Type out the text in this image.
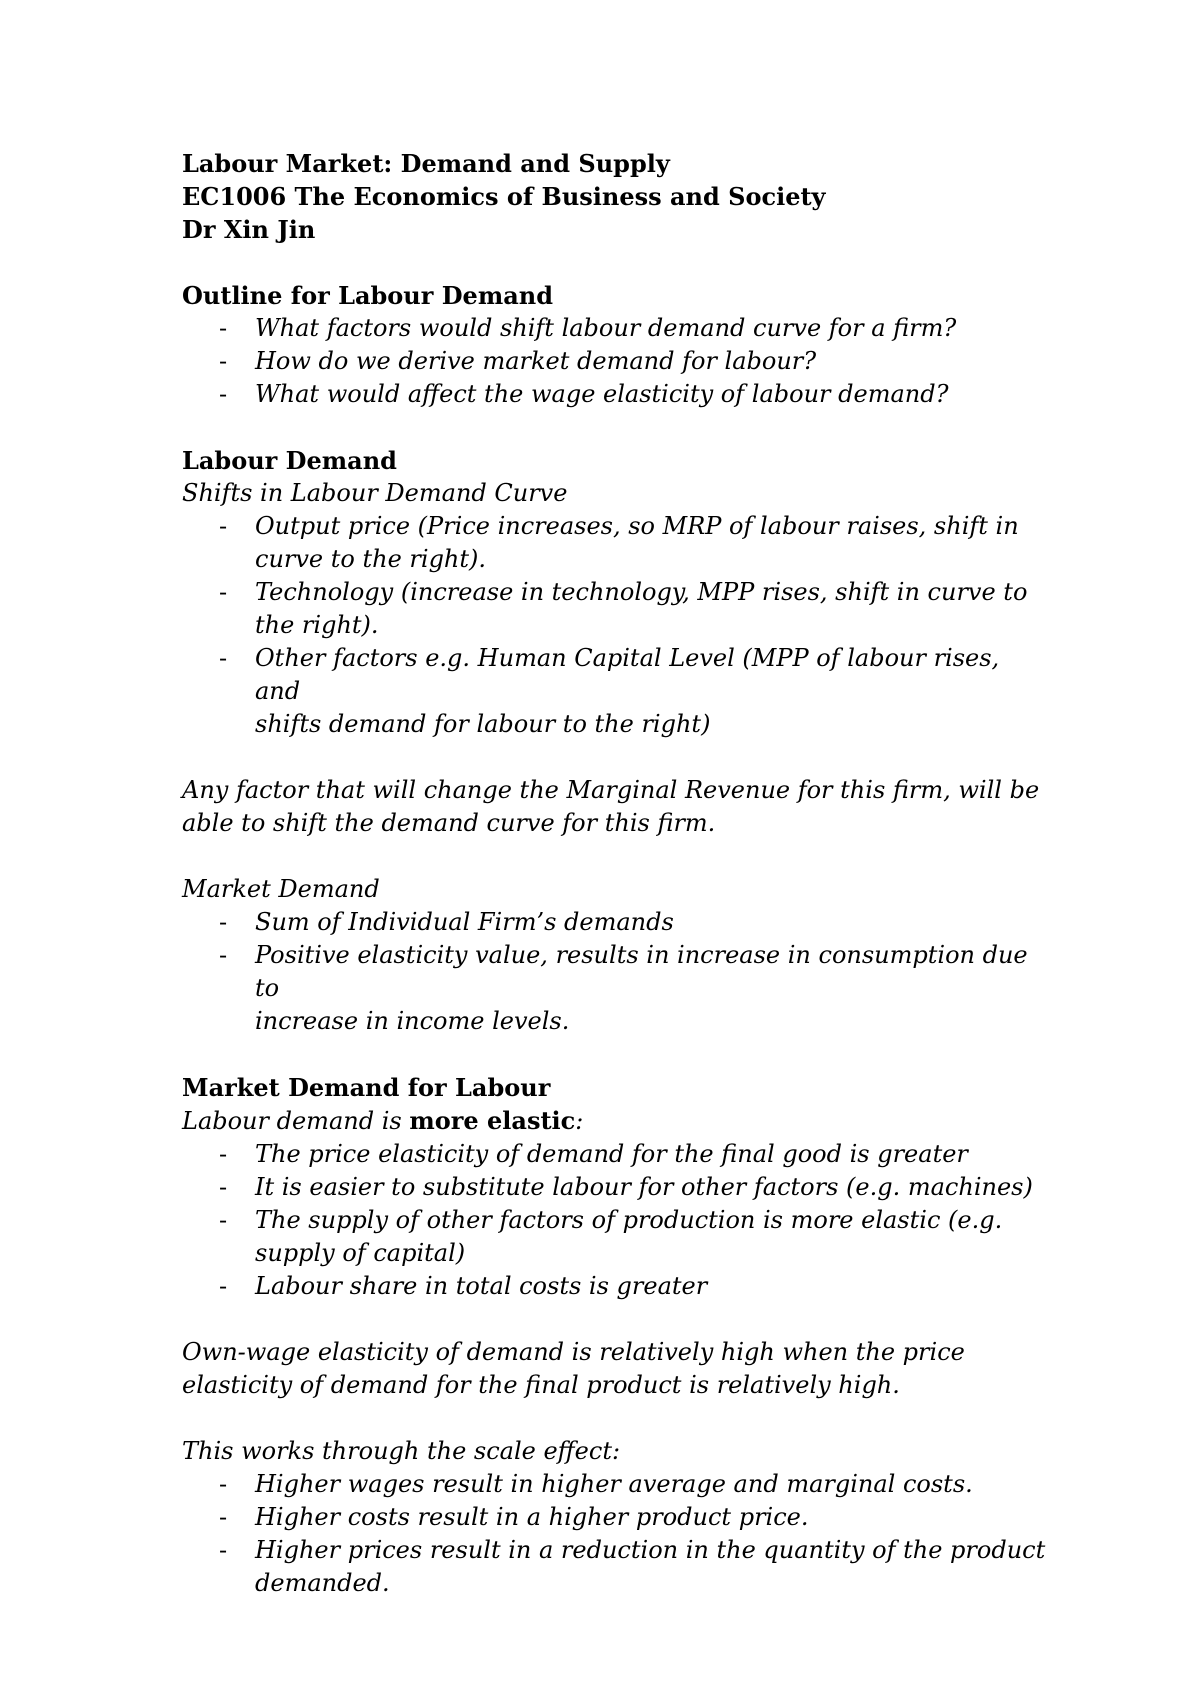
Labour Market: Demand and Supply

EC1006 The Economics of Business and Society

Dr Xin Jin

Outline for Labour Demand

- What factors would shift labour demand curve for a firm?
- How do we derive market demand for labour?
- What would affect the wage elasticity of labour demand?

Labour Demand

Shifts in Labour Demand Curve

- Output price (Price increases, so MRP of labour raises, shift in
curve to the right).
- Technology (increase in technology, MPP rises, shift in curve to
the right).
- Other factors e.g. Human Capital Level (MPP of labour rises, and
shifts demand for labour to the right)

Any factor that will change the Marginal Revenue for this firm, will be

able to shift the demand curve for this firm.

Market Demand

- Sum of Individual Firm’s demands
- Positive elasticity value, results in increase in consumption due to
increase in income levels.

Market Demand for Labour

Labour demand is more elastic:

- The price elasticity of demand for the final good is greater
- It is easier to substitute labour for other factors (e.g. machines)
- The supply of other factors of production is more elastic (e.g.
supply of capital)
- Labour share in total costs is greater

Own-wage elasticity of demand is relatively high when the price

elasticity of demand for the final product is relatively high.

This works through the scale effect:

- Higher wages result in higher average and marginal costs.
- Higher costs result in a higher product price.
- Higher prices result in a reduction in the quantity of the product
demanded.
